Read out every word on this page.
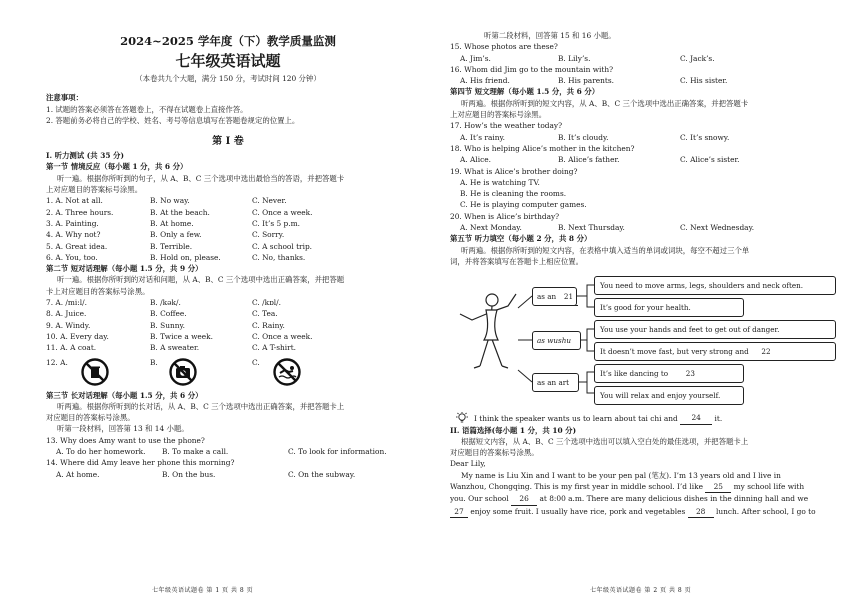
2024~2025 学年度（下）教学质量监测
七年级英语试题
（本卷共九个大题，满分 150 分，考试时间 120 分钟）
注意事项：
1. 试题的答案必须答在答题卷上，不得在试题卷上直接作答。
2. 答题前务必将自己的学校、姓名、考号等信息填写在答题卷规定的位置上。
第 I 卷
I. 听力测试 (共 35 分)
第一节 情境反应（每小题 1 分，共 6 分）
听一遍。根据你所听到的句子，从 A、B、C 三个选项中选出最恰当的答语，并把答题卡
上对应题目的答案标号涂黑。
1. A. Not at all.	B. No way.	C. Never.
2. A. Three hours.	B. At the beach.	C. Once a week.
3. A. Painting.	B. At home.	C. It’s 5 p.m.
4. A. Why not?	B. Only a few.	C. Sorry.
5. A. Great idea.	B. Terrible.	C. A school trip.
6. A. You, too.	B. Hold on, please.	C. No, thanks.
第二节 短对话理解（每小题 1.5 分，共 9 分）
听一遍。根据你所听到的对话和问题，从 A、B、C 三个选项中选出正确答案，并把答题
卡上对应题目的答案标号涂黑。
7. A. /mi:l/.	B. /kək/.	C. /kɒl/.
8. A. Juice.	B. Coffee.	C. Tea.
9. A. Windy.	B. Sunny.	C. Rainy.
10. A. Every day.	B. Twice a week.	C. Once a week.
11. A. A coat.	B. A sweater.	C. A T-shirt.
12. A.	B.	C.
第三节 长对话理解（每小题 1.5 分，共 6 分）
听两遍。根据你所听到的长对话，从 A、B、C 三个选项中选出正确答案，并把答题卡上
对应题目的答案标号涂黑。
听第一段材料，回答第 13 和 14 小题。
13. Why does Amy want to use the phone?
A. To do her homework.	B. To make a call.	C. To look for information.
14. Where did Amy leave her phone this morning?
A. At home.	B. On the bus.	C. On the subway.
七年级英语试题卷 第 1 页 共 8 页
听第二段材料，回答第 15 和 16 小题。
15. Whose photos are these?
A. Jim’s.	B. Lily’s.	C. Jack’s.
16. Whom did Jim go to the mountain with?
A. His friend.	B. His parents.	C. His sister.
第四节 短文理解（每小题 1.5 分，共 6 分）
听两遍。根据你所听到的短文内容，从 A、B、C 三个选项中选出正确答案，并把答题卡
上对应题目的答案标号涂黑。
17. How’s the weather today?
A. It’s rainy.	B. It’s cloudy.	C. It’s snowy.
18. Who is helping Alice’s mother in the kitchen?
A. Alice.	B. Alice’s father.	C. Alice’s sister.
19. What is Alice’s brother doing?
A. He is watching TV.
B. He is cleaning the rooms.
C. He is playing computer games.
20. When is Alice’s birthday?
A. Next Monday.	B. Next Thursday.	C. Next Wednesday.
第五节 听力填空（每小题 2 分，共 8 分）
听两遍。根据你所听到的短文内容，在表格中填入适当的单词或词块，每空不超过三个单
词，并将答案填写在答题卡上相应位置。
as an 21
as wushu
as an art
You need to move arms, legs, shoulders and neck often.
It’s good for your health.
You use your hands and feet to get out of danger.
It doesn’t move fast, but very strong and 22
It’s like dancing to 23
You will relax and enjoy yourself.
I think the speaker wants us to learn about tai chi and
	24
	it.
II. 语篇选择(每小题 1 分，共 10 分)
根据短文内容，从 A、B、C 三个选项中选出可以填入空白处的最佳选项，并把答题卡上
对应题目的答案标号涂黑。
Dear Lily,
My name is Liu Xin and I want to be your pen pal (笔友). I’m 13 years old and I live in
Wanzhou, Chongqing. This is my first year in middle school. I’d like 25 my school life with
you. Our school 26 at 8:00 a.m. There are many delicious dishes in the dinning hall and we
27 enjoy some fruit. I usually have rice, pork and vegetables 28 lunch. After school, I go to
七年级英语试题卷 第 2 页 共 8 页
